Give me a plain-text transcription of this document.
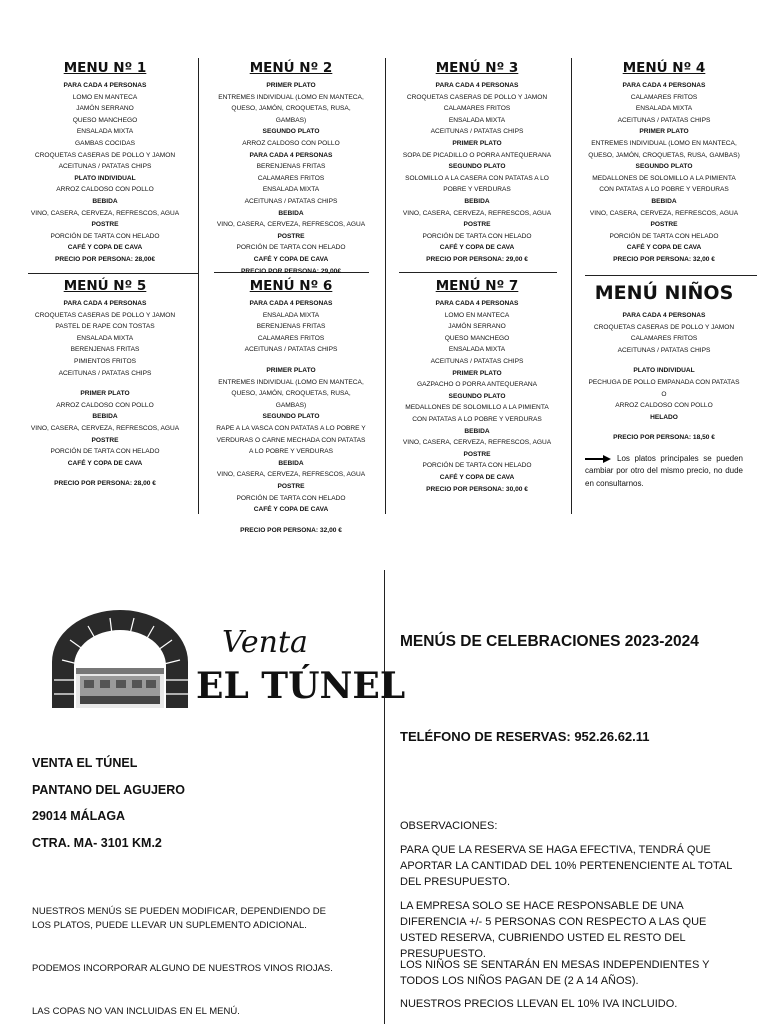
MENU Nº 1
PARA CADA 4 PERSONAS
LOMO EN MANTECA
JAMÓN SERRANO
QUESO MANCHEGO
ENSALADA MIXTA
GAMBAS COCIDAS
CROQUETAS CASERAS DE POLLO Y JAMON
ACEITUNAS / PATATAS CHIPS
PLATO INDIVIDUAL
ARROZ CALDOSO CON POLLO
BEBIDA
VINO, CASERA, CERVEZA, REFRESCOS, AGUA
POSTRE
PORCIÓN DE TARTA CON HELADO
CAFÉ Y COPA DE CAVA
PRECIO POR PERSONA: 28,00€
MENÚ Nº 2
PRIMER PLATO
ENTREMES INDIVIDUAL (LOMO EN MANTECA, QUESO, JAMÓN, CROQUETAS, RUSA, GAMBAS)
SEGUNDO PLATO
ARROZ CALDOSO CON POLLO
PARA CADA 4 PERSONAS
BERENJENAS FRITAS
CALAMARES FRITOS
ENSALADA MIXTA
ACEITUNAS / PATATAS CHIPS
BEBIDA
VINO, CASERA, CERVEZA, REFRESCOS, AGUA
POSTRE
PORCIÓN DE TARTA CON HELADO
CAFÉ Y COPA DE CAVA
PRECIO POR PERSONA: 29,00€
MENÚ Nº 3
PARA CADA 4 PERSONAS
CROQUETAS CASERAS DE POLLO Y JAMON
CALAMARES FRITOS
ENSALADA MIXTA
ACEITUNAS / PATATAS CHIPS
PRIMER PLATO
SOPA DE PICADILLO O PORRA ANTEQUERANA
SEGUNDO PLATO
SOLOMILLO A LA CASERA CON PATATAS A LO POBRE Y VERDURAS
BEBIDA
VINO, CASERA, CERVEZA, REFRESCOS, AGUA
POSTRE
PORCIÓN DE TARTA CON HELADO
CAFÉ Y COPA DE CAVA
PRECIO POR PERSONA: 29,00 €
MENÚ Nº 4
PARA CADA 4 PERSONAS
CALAMARES FRITOS
ENSALADA MIXTA
ACEITUNAS / PATATAS CHIPS
PRIMER PLATO
ENTREMES INDIVIDUAL (LOMO EN MANTECA, QUESO, JAMÓN, CROQUETAS, RUSA, GAMBAS)
SEGUNDO PLATO
MEDALLONES DE SOLOMILLO A LA PIMIENTA CON PATATAS A LO POBRE Y VERDURAS
BEBIDA
VINO, CASERA, CERVEZA, REFRESCOS, AGUA
POSTRE
PORCIÓN DE TARTA CON HELADO
CAFÉ Y COPA DE CAVA
PRECIO POR PERSONA: 32,00 €
MENÚ Nº 5
PARA CADA 4 PERSONAS
CROQUETAS CASERAS DE POLLO Y JAMON
PASTEL DE RAPE CON TOSTAS
ENSALADA MIXTA
BERENJENAS FRITAS
PIMIENTOS FRITOS
ACEITUNAS / PATATAS CHIPS
PRIMER PLATO
ARROZ CALDOSO CON POLLO
BEBIDA
VINO, CASERA, CERVEZA, REFRESCOS, AGUA
POSTRE
PORCIÓN DE TARTA CON HELADO
CAFÉ Y COPA DE CAVA
PRECIO POR PERSONA: 28,00 €
MENÚ Nº 6
PARA CADA 4 PERSONAS
ENSALADA MIXTA
BERENJENAS FRITAS
CALAMARES FRITOS
ACEITUNAS / PATATAS CHIPS
PRIMER PLATO
ENTREMES INDIVIDUAL (LOMO EN MANTECA, QUESO, JAMÓN, CROQUETAS, RUSA, GAMBAS)
SEGUNDO PLATO
RAPE A LA VASCA CON PATATAS A LO POBRE Y VERDURAS O CARNE MECHADA CON PATATAS A LO POBRE Y VERDURAS
BEBIDA
VINO, CASERA, CERVEZA, REFRESCOS, AGUA
POSTRE
PORCIÓN DE TARTA CON HELADO
CAFÉ Y COPA DE CAVA
PRECIO POR PERSONA: 32,00 €
MENÚ Nº 7
PARA CADA 4 PERSONAS
LOMO EN MANTECA
JAMÓN SERRANO
QUESO MANCHEGO
ENSALADA MIXTA
ACEITUNAS / PATATAS CHIPS
PRIMER PLATO
GAZPACHO O PORRA ANTEQUERANA
SEGUNDO PLATO
MEDALLONES DE SOLOMILLO A LA PIMIENTA CON PATATAS A LO POBRE Y VERDURAS
BEBIDA
VINO, CASERA, CERVEZA, REFRESCOS, AGUA
POSTRE
PORCIÓN DE TARTA CON HELADO
CAFÉ Y COPA DE CAVA
PRECIO POR PERSONA: 30,00 €
MENÚ NIÑOS
PARA CADA 4 PERSONAS
CROQUETAS CASERAS DE POLLO Y JAMON
CALAMARES FRITOS
ACEITUNAS / PATATAS CHIPS
PLATO INDIVIDUAL
PECHUGA DE POLLO EMPANADA CON PATATAS
O
ARROZ CALDOSO CON POLLO
HELADO
PRECIO POR PERSONA: 18,50 €
Los platos principales se pueden cambiar por otro del mismo precio, no dude en consultarnos.
Venta
EL TÚNEL
VENTA EL TÚNEL
PANTANO DEL AGUJERO
29014 MÁLAGA
CTRA. MA- 3101 KM.2
NUESTROS MENÚS SE PUEDEN MODIFICAR, DEPENDIENDO DE LOS PLATOS, PUEDE LLEVAR UN SUPLEMENTO ADICIONAL.
PODEMOS INCORPORAR ALGUNO DE NUESTROS VINOS RIOJAS.
LAS COPAS NO VAN INCLUIDAS EN EL MENÚ.
MENÚS DE CELEBRACIONES 2023-2024
TELÉFONO DE RESERVAS: 952.26.62.11
OBSERVACIONES:
PARA QUE LA RESERVA SE HAGA EFECTIVA, TENDRÁ QUE APORTAR LA CANTIDAD DEL 10% PERTENENCIENTE AL TOTAL DEL PRESUPUESTO.
LA EMPRESA SOLO SE HACE RESPONSABLE DE UNA DIFERENCIA +/- 5 PERSONAS CON RESPECTO A LAS QUE USTED RESERVA, CUBRIENDO USTED EL RESTO DEL PRESUPUESTO.
LOS NIÑOS SE SENTARÁN EN MESAS INDEPENDIENTES Y TODOS LOS NIÑOS PAGAN DE (2 A 14 AÑOS).
NUESTROS PRECIOS LLEVAN EL 10% IVA INCLUIDO.
